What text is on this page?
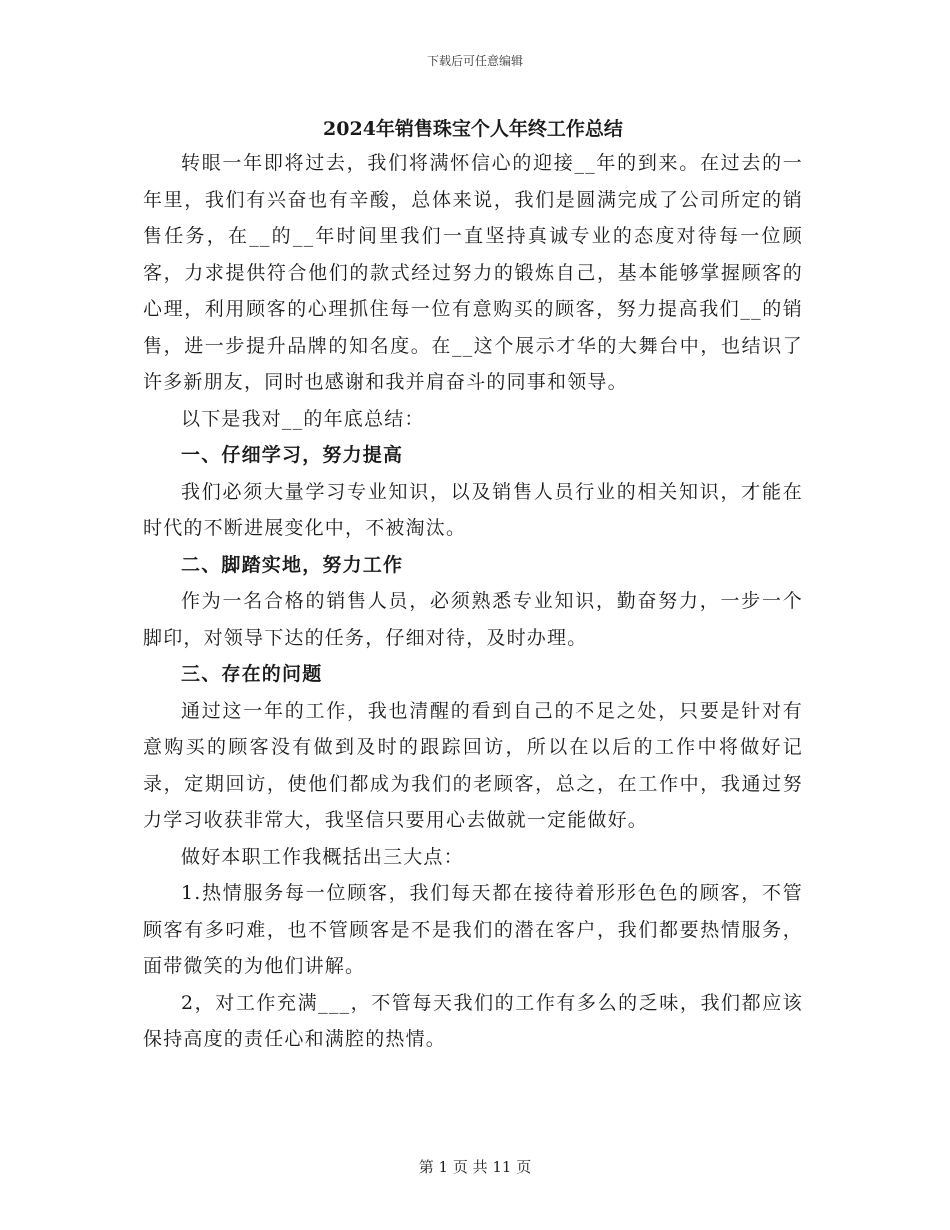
下载后可任意编辑
2024年销售珠宝个人年终工作总结

转眼一年即将过去，我们将满怀信心的迎接__年的到来。在过去的一年里，我们有兴奋也有辛酸，总体来说，我们是圆满完成了公司所定的销售任务，在__的__年时间里我们一直坚持真诚专业的态度对待每一位顾客，力求提供符合他们的款式经过努力的锻炼自己，基本能够掌握顾客的心理，利用顾客的心理抓住每一位有意购买的顾客，努力提高我们__的销售，进一步提升品牌的知名度。在__这个展示才华的大舞台中，也结识了许多新朋友，同时也感谢和我并肩奋斗的同事和领导。

以下是我对__的年底总结：

一、仔细学习，努力提高

我们必须大量学习专业知识，以及销售人员行业的相关知识，才能在时代的不断进展变化中，不被淘汰。

二、脚踏实地，努力工作

作为一名合格的销售人员，必须熟悉专业知识，勤奋努力，一步一个脚印，对领导下达的任务，仔细对待，及时办理。

三、存在的问题

通过这一年的工作，我也清醒的看到自己的不足之处，只要是针对有意购买的顾客没有做到及时的跟踪回访，所以在以后的工作中将做好记录，定期回访，使他们都成为我们的老顾客，总之，在工作中，我通过努力学习收获非常大，我坚信只要用心去做就一定能做好。

做好本职工作我概括出三大点：

1.热情服务每一位顾客，我们每天都在接待着形形色色的顾客，不管顾客有多叼难，也不管顾客是不是我们的潜在客户，我们都要热情服务，面带微笑的为他们讲解。

2，对工作充满___，不管每天我们的工作有多么的乏味，我们都应该保持高度的责任心和满腔的热情。

第 1 页 共 11 页
